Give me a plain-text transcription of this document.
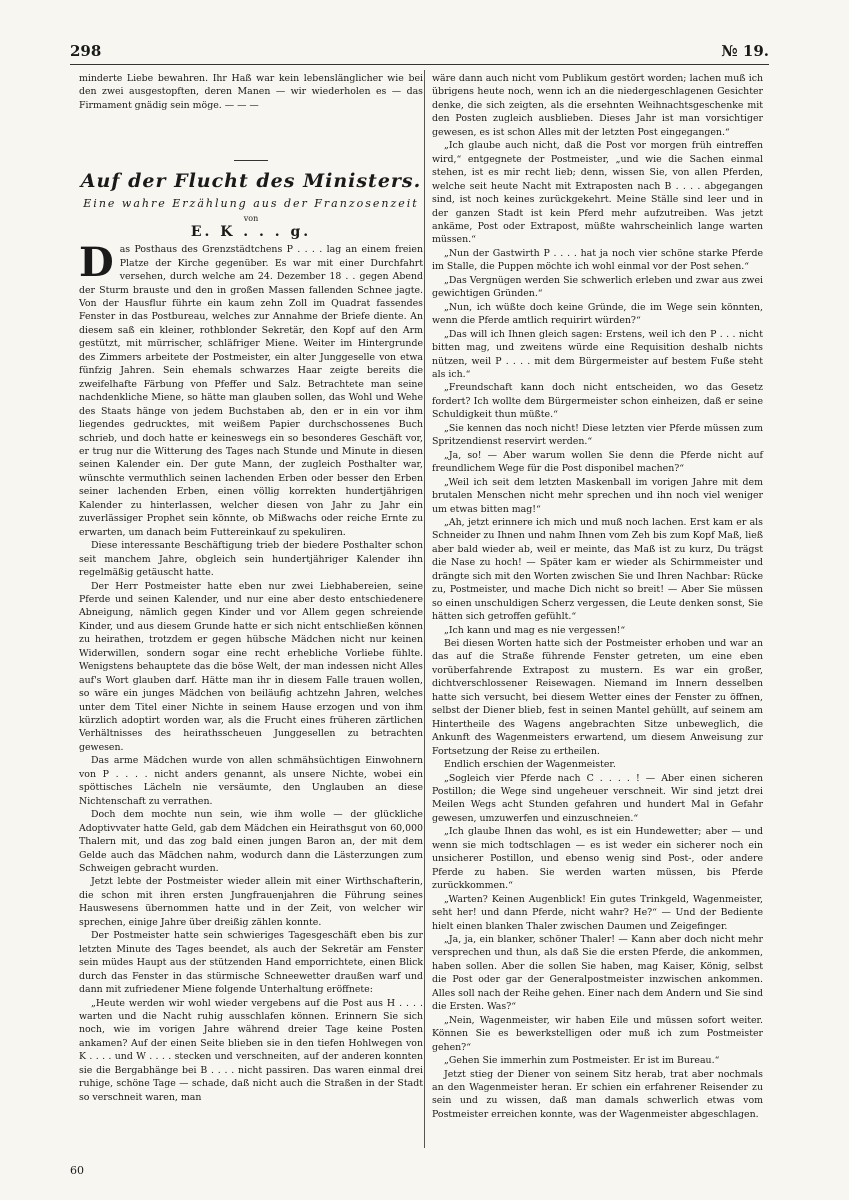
298	№ 19.

minderte Liebe bewahren. Ihr Haß war kein lebenslänglicher wie bei den zwei ausgestopften, deren Manen — wir wiederholen es — das Firmament gnädig sein möge. — — —

Auf der Flucht des Ministers.
Eine wahre Erzählung aus der Franzosenzeit
von
E. K . . . g.

Das Posthaus des Grenzstädtchens P . . . . lag an einem freien Platze der Kirche gegenüber. Es war mit einer Durchfahrt versehen, durch welche am 24. Dezember 18 . . gegen Abend der Sturm brauste und den in großen Massen fallenden Schnee jagte. Von der Hausflur führte ein kaum zehn Zoll im Quadrat fassendes Fenster in das Postbureau, welches zur Annahme der Briefe diente. An diesem saß ein kleiner, rothblonder Sekretär, den Kopf auf den Arm gestützt, mit mürrischer, schläfriger Miene. Weiter im Hintergrunde des Zimmers arbeitete der Postmeister, ein alter Junggeselle von etwa fünfzig Jahren. Sein ehemals schwarzes Haar zeigte bereits die zweifelhafte Färbung von Pfeffer und Salz. Betrachtete man seine nachdenkliche Miene, so hätte man glauben sollen, das Wohl und Wehe des Staats hänge von jedem Buchstaben ab, den er in ein vor ihm liegendes gedrucktes, mit weißem Papier durchschossenes Buch schrieb, und doch hatte er keineswegs ein so besonderes Geschäft vor, er trug nur die Witterung des Tages nach Stunde und Minute in diesen seinen Kalender ein. Der gute Mann, der zugleich Posthalter war, wünschte vermuthlich seinen lachenden Erben oder besser den Erben seiner lachenden Erben, einen völlig korrekten hundertjährigen Kalender zu hinterlassen, welcher diesen von Jahr zu Jahr ein zuverlässiger Prophet sein könnte, ob Mißwachs oder reiche Ernte zu erwarten, um danach beim Futtereinkauf zu spekuliren.

Diese interessante Beschäftigung trieb der biedere Posthalter schon seit manchem Jahre, obgleich sein hundertjähriger Kalender ihn regelmäßig getäuscht hatte.

Der Herr Postmeister hatte eben nur zwei Liebhabereien, seine Pferde und seinen Kalender, und nur eine aber desto entschiedenere Abneigung, nämlich gegen Kinder und vor Allem gegen schreiende Kinder, und aus diesem Grunde hatte er sich nicht entschließen können zu heirathen, trotzdem er gegen hübsche Mädchen nicht nur keinen Widerwillen, sondern sogar eine recht erhebliche Vorliebe fühlte. Wenigstens behauptete das die böse Welt, der man indessen nicht Alles auf's Wort glauben darf. Hätte man ihr in diesem Falle trauen wollen, so wäre ein junges Mädchen von beiläufig achtzehn Jahren, welches unter dem Titel einer Nichte in seinem Hause erzogen und von ihm kürzlich adoptirt worden war, als die Frucht eines früheren zärtlichen Verhältnisses des heirathsscheuen Junggesellen zu betrachten gewesen.

Das arme Mädchen wurde von allen schmähsüchtigen Einwohnern von P . . . . nicht anders genannt, als unsere Nichte, wobei ein spöttisches Lächeln nie versäumte, den Unglauben an diese Nichtenschaft zu verrathen.

Doch dem mochte nun sein, wie ihm wolle — der glückliche Adoptivvater hatte Geld, gab dem Mädchen ein Heirathsgut von 60,000 Thalern mit, und das zog bald einen jungen Baron an, der mit dem Gelde auch das Mädchen nahm, wodurch dann die Lästerzungen zum Schweigen gebracht wurden.

Jetzt lebte der Postmeister wieder allein mit einer Wirthschafterin, die schon mit ihren ersten Jungfrauenjahren die Führung seines Hauswesens übernommen hatte und in der Zeit, von welcher wir sprechen, einige Jahre über dreißig zählen konnte.

Der Postmeister hatte sein schwieriges Tagesgeschäft eben bis zur letzten Minute des Tages beendet, als auch der Sekretär am Fenster sein müdes Haupt aus der stützenden Hand emporrichtete, einen Blick durch das Fenster in das stürmische Schneewetter draußen warf und dann mit zufriedener Miene folgende Unterhaltung eröffnete:

„Heute werden wir wohl wieder vergebens auf die Post aus H . . . . warten und die Nacht ruhig ausschlafen können. Erinnern Sie sich noch, wie im vorigen Jahre während dreier Tage keine Posten ankamen? Auf der einen Seite blieben sie in den tiefen Hohlwegen von K . . . . und W . . . . stecken und verschneiten, auf der anderen konnten sie die Bergabhänge bei B . . . . nicht passiren. Das waren einmal drei ruhige, schöne Tage — schade, daß nicht auch die Straßen in der Stadt so verschneit waren, man

wäre dann auch nicht vom Publikum gestört worden; lachen muß ich übrigens heute noch, wenn ich an die niedergeschlagenen Gesichter denke, die sich zeigten, als die ersehnten Weihnachtsgeschenke mit den Posten zugleich ausblieben. Dieses Jahr ist man vorsichtiger gewesen, es ist schon Alles mit der letzten Post eingegangen.“

„Ich glaube auch nicht, daß die Post vor morgen früh eintreffen wird,“ entgegnete der Postmeister, „und wie die Sachen einmal stehen, ist es mir recht lieb; denn, wissen Sie, von allen Pferden, welche seit heute Nacht mit Extraposten nach B . . . . abgegangen sind, ist noch keines zurückgekehrt. Meine Ställe sind leer und in der ganzen Stadt ist kein Pferd mehr aufzutreiben. Was jetzt ankäme, Post oder Extrapost, müßte wahrscheinlich lange warten müssen.“

„Nun der Gastwirth P . . . . hat ja noch vier schöne starke Pferde im Stalle, die Puppen möchte ich wohl einmal vor der Post sehen.“

„Das Vergnügen werden Sie schwerlich erleben und zwar aus zwei gewichtigen Gründen.“

„Nun, ich wüßte doch keine Gründe, die im Wege sein könnten, wenn die Pferde amtlich requirirt würden?“

„Das will ich Ihnen gleich sagen: Erstens, weil ich den P . . . nicht bitten mag, und zweitens würde eine Requisition deshalb nichts nützen, weil P . . . . mit dem Bürgermeister auf bestem Fuße steht als ich.“

„Freundschaft kann doch nicht entscheiden, wo das Gesetz fordert? Ich wollte dem Bürgermeister schon einheizen, daß er seine Schuldigkeit thun müßte.“

„Sie kennen das noch nicht! Diese letzten vier Pferde müssen zum Spritzendienst reservirt werden.“

„Ja, so! — Aber warum wollen Sie denn die Pferde nicht auf freundlichem Wege für die Post disponibel machen?“

„Weil ich seit dem letzten Maskenball im vorigen Jahre mit dem brutalen Menschen nicht mehr sprechen und ihn noch viel weniger um etwas bitten mag!“

„Ah, jetzt erinnere ich mich und muß noch lachen. Erst kam er als Schneider zu Ihnen und nahm Ihnen vom Zeh bis zum Kopf Maß, ließ aber bald wieder ab, weil er meinte, das Maß ist zu kurz, Du trägst die Nase zu hoch! — Später kam er wieder als Schirmmeister und drängte sich mit den Worten zwischen Sie und Ihren Nachbar: Rücke zu, Postmeister, und mache Dich nicht so breit! — Aber Sie müssen so einen unschuldigen Scherz vergessen, die Leute denken sonst, Sie hätten sich getroffen gefühlt.“

„Ich kann und mag es nie vergessen!“

Bei diesen Worten hatte sich der Postmeister erhoben und war an das auf die Straße führende Fenster getreten, um eine eben vorüberfahrende Extrapost zu mustern. Es war ein großer, dichtverschlossener Reisewagen. Niemand im Innern desselben hatte sich versucht, bei diesem Wetter eines der Fenster zu öffnen, selbst der Diener blieb, fest in seinen Mantel gehüllt, auf seinem am Hintertheile des Wagens angebrachten Sitze unbeweglich, die Ankunft des Wagenmeisters erwartend, um diesem Anweisung zur Fortsetzung der Reise zu ertheilen.

Endlich erschien der Wagenmeister.

„Sogleich vier Pferde nach C . . . . ! — Aber einen sicheren Postillon; die Wege sind ungeheuer verschneit. Wir sind jetzt drei Meilen Wegs acht Stunden gefahren und hundert Mal in Gefahr gewesen, umzuwerfen und einzuschneien.“

„Ich glaube Ihnen das wohl, es ist ein Hundewetter; aber — und wenn sie mich todtschlagen — es ist weder ein sicherer noch ein unsicherer Postillon, und ebenso wenig sind Post-, oder andere Pferde zu haben. Sie werden warten müssen, bis Pferde zurückkommen.“

„Warten? Keinen Augenblick! Ein gutes Trinkgeld, Wagenmeister, seht her! und dann Pferde, nicht wahr? He?“ — Und der Bediente hielt einen blanken Thaler zwischen Daumen und Zeigefinger.

„Ja, ja, ein blanker, schöner Thaler! — Kann aber doch nicht mehr versprechen und thun, als daß Sie die ersten Pferde, die ankommen, haben sollen. Aber die sollen Sie haben, mag Kaiser, König, selbst die Post oder gar der Generalpostmeister inzwischen ankommen. Alles soll nach der Reihe gehen. Einer nach dem Andern und Sie sind die Ersten. Was?“

„Nein, Wagenmeister, wir haben Eile und müssen sofort weiter. Können Sie es bewerkstelligen oder muß ich zum Postmeister gehen?“

„Gehen Sie immerhin zum Postmeister. Er ist im Bureau.“

Jetzt stieg der Diener von seinem Sitz herab, trat aber nochmals an den Wagenmeister heran. Er schien ein erfahrener Reisender zu sein und zu wissen, daß man damals schwerlich etwas vom Postmeister erreichen konnte, was der Wagenmeister abgeschlagen.

60
